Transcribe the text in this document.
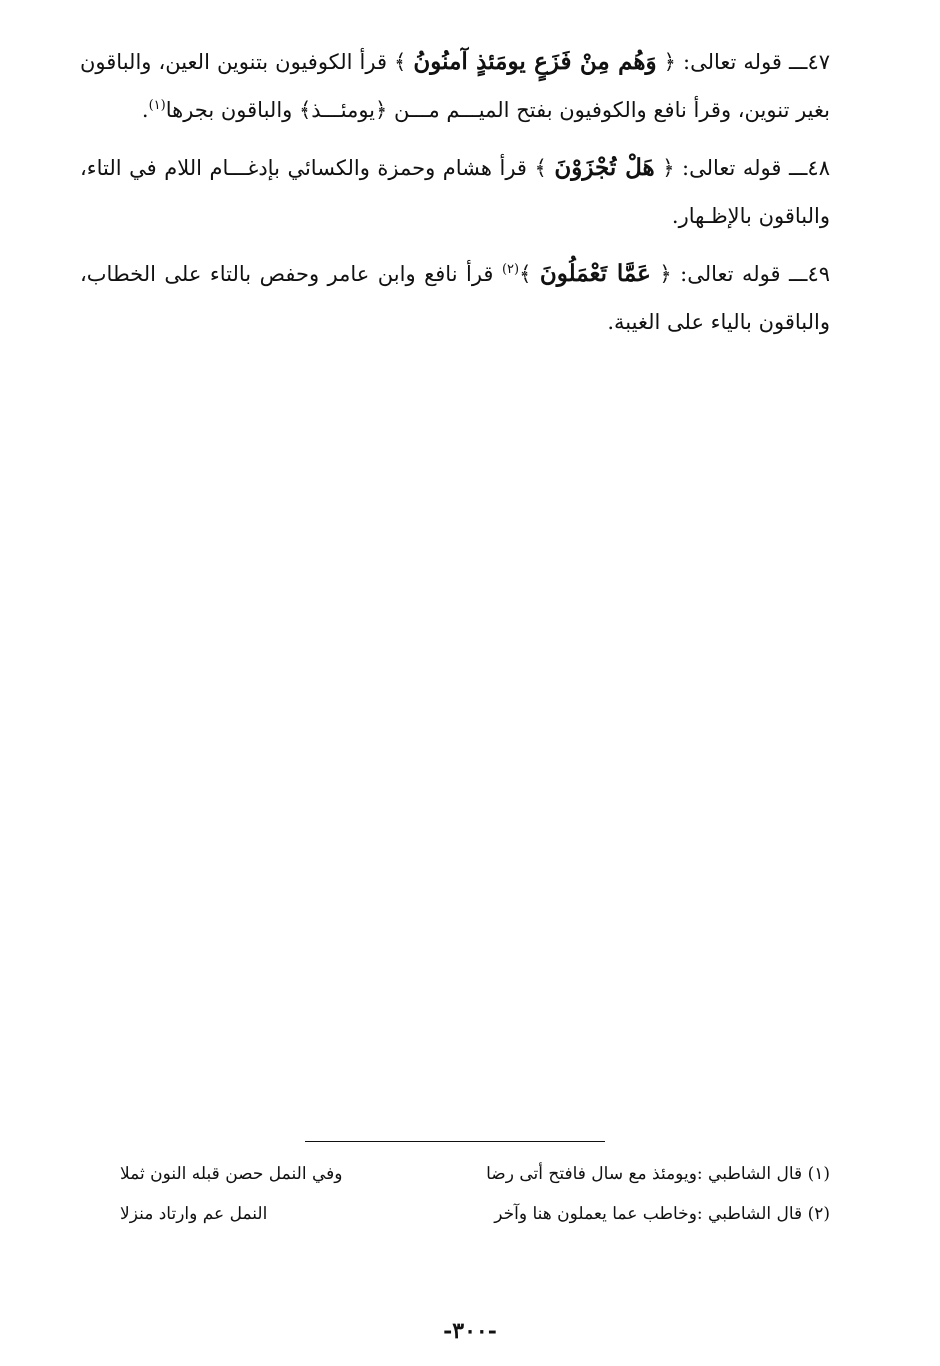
٤٧ـــ قوله تعالى: ﴿ وَهُم مِنْ فَزَعٍ يومَئذٍ آمنُونُ ﴾ قرأ الكوفيون بتنوين العين، والباقون بغير تنوين، وقرأ نافع والكوفيون بفتح الميـــم مـــن ﴿يومئـــذ﴾ والباقون بجرها$^{(١)}$.

٤٨ـــ قوله تعالى: ﴿ هَلْ تُجْزَوْنَ ﴾ قرأ هشام وحمزة والكسائي بإدغـــام اللام في التاء، والباقون بالإظـهار.

٤٩ـــ قوله تعالى: ﴿ عَمَّا تَعْمَلُونَ ﴾$^{(٢)}$ قرأ نافع وابن عامر وحفص بالتاء على الخطاب، والباقون بالياء على الغيبة.

(١) قال الشاطبي :ويومئذ مع سال فافتح أتى رضا
وفي النمل حصن قبله النون ثملا
(٢) قال الشاطبي :وخاطب عما يعملون هنا وآخر
النمل عم وارتاد منزلا
-٣٠٠-
